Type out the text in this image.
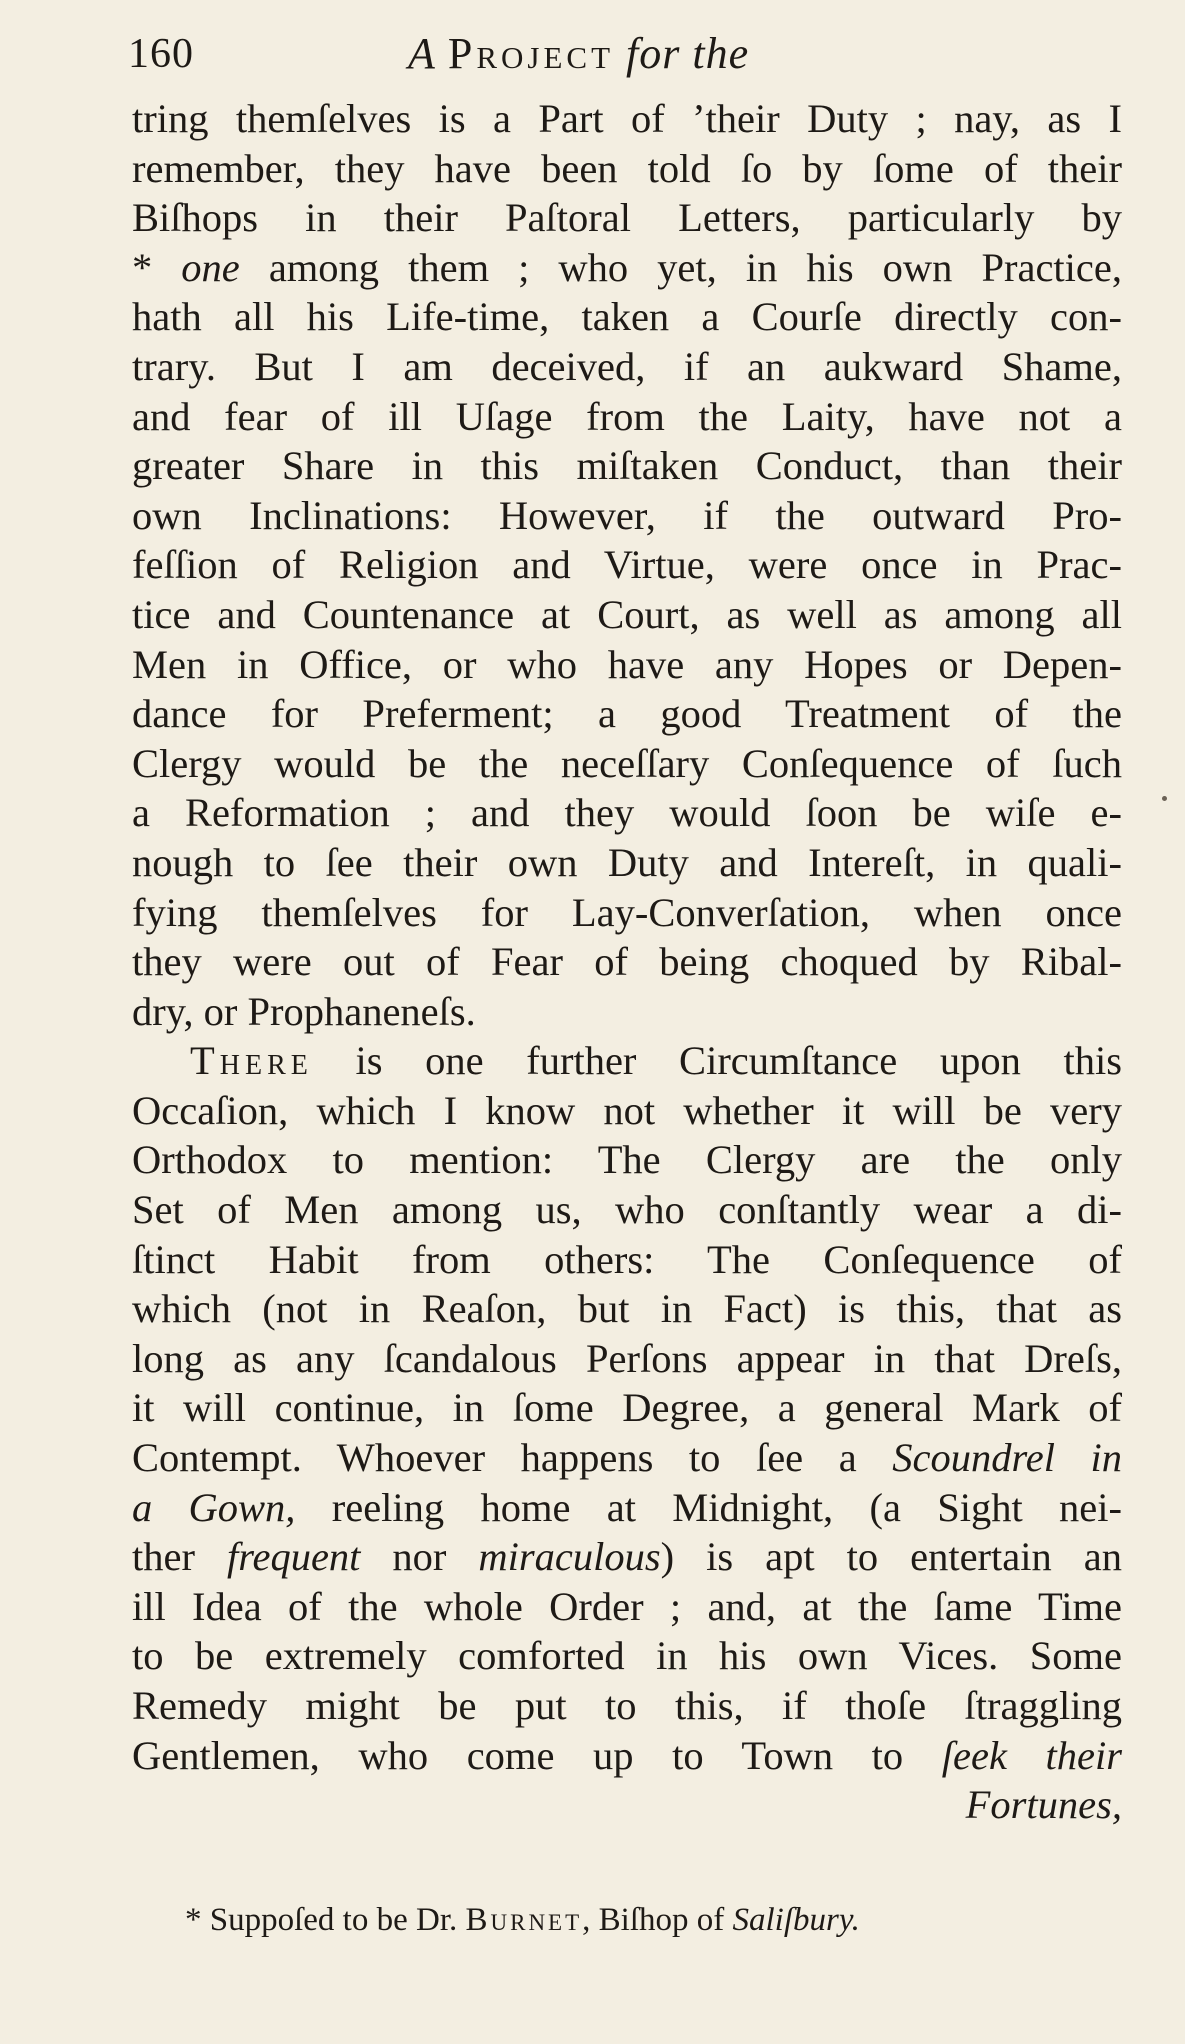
160	A Project for the
tring themſelves is a Part of ʼtheir Duty ; nay, as I
remember, they have been told ſo by ſome of their
Biſhops in their Paſtoral Letters, particularly by
* one among them ; who yet, in his own Practice,
hath all his Life-time, taken a Courſe directly con-
trary. But I am deceived, if an aukward Shame,
and fear of ill Uſage from the Laity, have not a
greater Share in this miſtaken Conduct, than their
own Inclinations: However, if the outward Pro-
feſſion of Religion and Virtue, were once in Prac-
tice and Countenance at Court, as well as among all
Men in Office, or who have any Hopes or Depen-
dance for Preferment; a good Treatment of the
Clergy would be the neceſſary Conſequence of ſuch
a Reformation ; and they would ſoon be wiſe e-
nough to ſee their own Duty and Intereſt, in quali-
fying themſelves for Lay-Converſation, when once
they were out of Fear of being choqued by Ribal-
dry, or Prophanenеſs.
There is one further Circumſtance upon this
Occaſion, which I know not whether it will be very
Orthodox to mention: The Clergy are the only
Set of Men among us, who conſtantly wear a di-
ſtinct Habit from others: The Conſequence of
which (not in Reaſon, but in Fact) is this, that as
long as any ſcandalous Perſons appear in that Dreſs,
it will continue, in ſome Degree, a general Mark of
Contempt. Whoever happens to ſee a Scoundrel in
a Gown, reeling home at Midnight, (a Sight nei-
ther frequent nor miraculous) is apt to entertain an
ill Idea of the whole Order ; and, at the ſame Time
to be extremely comforted in his own Vices. Some
Remedy might be put to this, if thoſe ſtraggling
Gentlemen, who come up to Town to ſeek their
Fortunes,
* Suppoſed to be Dr. Burnet, Biſhop of Saliſbury.
